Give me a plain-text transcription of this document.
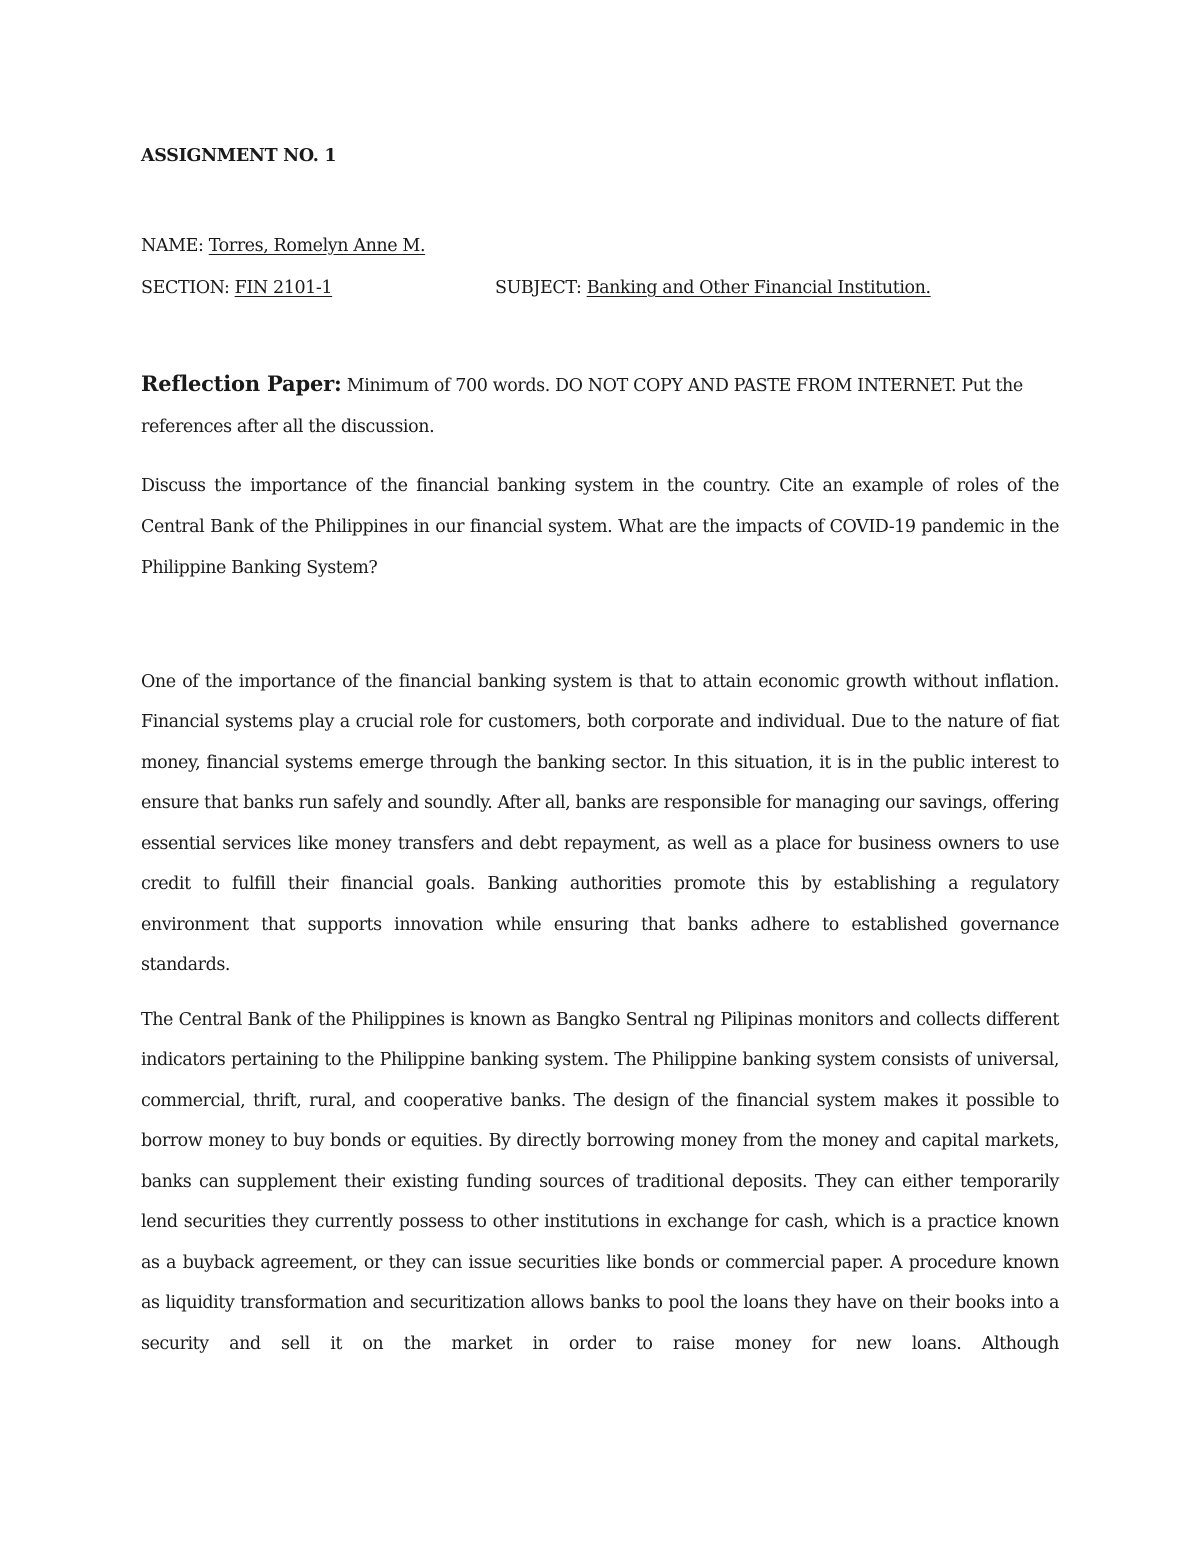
ASSIGNMENT NO. 1

NAME: Torres, Romelyn Anne M.

SECTION: FIN 2101-1	SUBJECT: Banking and Other Financial Institution.

Reflection Paper: Minimum of 700 words. DO NOT COPY AND PASTE FROM INTERNET. Put the references after all the discussion.

Discuss the importance of the financial banking system in the country. Cite an example of roles of the Central Bank of the Philippines in our financial system. What are the impacts of COVID-19 pandemic in the Philippine Banking System?

One of the importance of the financial banking system is that to attain economic growth without inflation. Financial systems play a crucial role for customers, both corporate and individual. Due to the nature of fiat money, financial systems emerge through the banking sector. In this situation, it is in the public interest to ensure that banks run safely and soundly. After all, banks are responsible for managing our savings, offering essential services like money transfers and debt repayment, as well as a place for business owners to use credit to fulfill their financial goals. Banking authorities promote this by establishing a regulatory environment that supports innovation while ensuring that banks adhere to established governance standards.

The Central Bank of the Philippines is known as Bangko Sentral ng Pilipinas monitors and collects different indicators pertaining to the Philippine banking system. The Philippine banking system consists of universal, commercial, thrift, rural, and cooperative banks. The design of the financial system makes it possible to borrow money to buy bonds or equities. By directly borrowing money from the money and capital markets, banks can supplement their existing funding sources of traditional deposits. They can either temporarily lend securities they currently possess to other institutions in exchange for cash, which is a practice known as a buyback agreement, or they can issue securities like bonds or commercial paper. A procedure known as liquidity transformation and securitization allows banks to pool the loans they have on their books into a security and sell it on the market in order to raise money for new loans. Although
